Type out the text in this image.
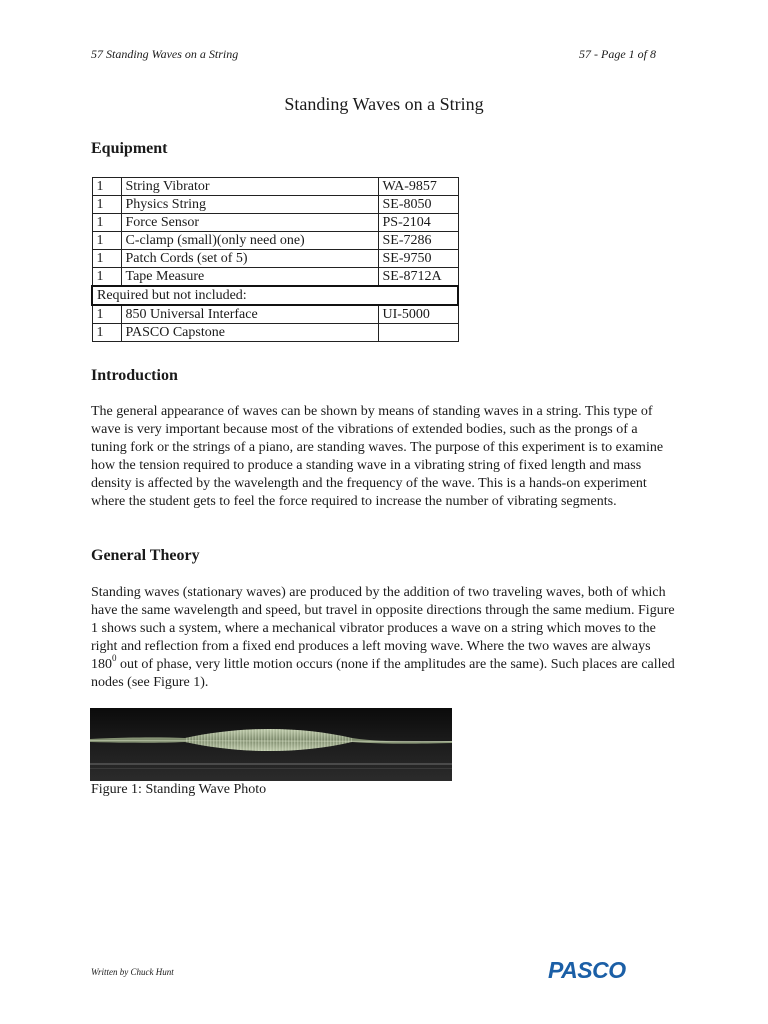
57 Standing Waves on a String	57 - Page 1 of 8
Standing Waves on a String
Equipment
1	String Vibrator	WA-9857
1	Physics String	SE-8050
1	Force Sensor	PS-2104
1	C-clamp (small)(only need one)	SE-7286
1	Patch Cords (set of 5)	SE-9750
1	Tape Measure	SE-8712A
Required but not included:		
1	850 Universal Interface	UI-5000
1	PASCO Capstone	
Introduction

The general appearance of waves can be shown by means of standing waves in a string. This type of wave is very important because most of the vibrations of extended bodies, such as the prongs of a tuning fork or the strings of a piano, are standing waves. The purpose of this experiment is to examine how the tension required to produce a standing wave in a vibrating string of fixed length and mass density is affected by the wavelength and the frequency of the wave. This is a hands-on experiment where the student gets to feel the force required to increase the number of vibrating segments.

General Theory

Standing waves (stationary waves) are produced by the addition of two traveling waves, both of which have the same wavelength and speed, but travel in opposite directions through the same medium. Figure 1 shows such a system, where a mechanical vibrator produces a wave on a string which moves to the right and reflection from a fixed end produces a left moving wave. Where the two waves are always $180^0$ out of phase, very little motion occurs (none if the amplitudes are the same). Such places are called nodes (see Figure 1).

Figure 1: Standing Wave Photo
Written by Chuck Hunt	PASCO
